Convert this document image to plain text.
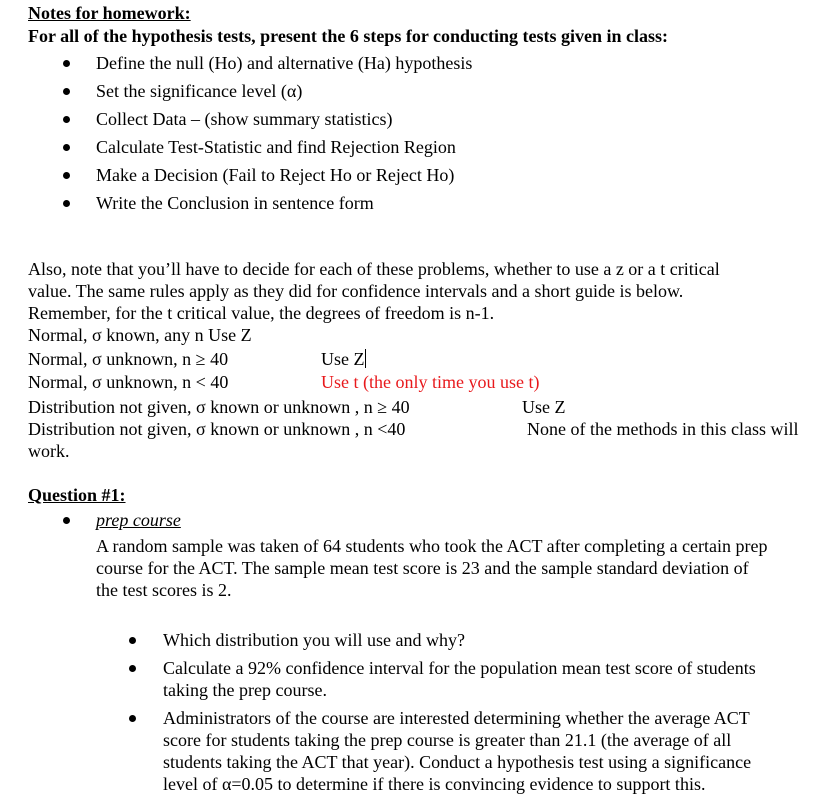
Notes for homework:
For all of the hypothesis tests, present the 6 steps for conducting tests given in class:
Define the null (Ho) and alternative (Ha) hypothesis
Set the significance level (α)
Collect Data – (show summary statistics)
Calculate Test-Statistic and find Rejection Region
Make a Decision (Fail to Reject Ho or Reject Ho)
Write the Conclusion in sentence form
Also, note that you’ll have to decide for each of these problems, whether to use a z or a t critical
value. The same rules apply as they did for confidence intervals and a short guide is below.
Remember, for the t critical value, the degrees of freedom is n-1.
Normal, σ known, any n Use Z
Normal, σ unknown, n ≥ 40	Use Z
Normal, σ unknown, n < 40	Use t (the only time you use t)
Distribution not given, σ known or unknown , n ≥ 40	Use Z
Distribution not given, σ known or unknown , n <40	None of the methods in this class will
work.
Question #1:
prep course
A random sample was taken of 64 students who took the ACT after completing a certain prep
course for the ACT. The sample mean test score is 23 and the sample standard deviation of
the test scores is 2.
Which distribution you will use and why?
Calculate a 92% confidence interval for the population mean test score of students
taking the prep course.
Administrators of the course are interested determining whether the average ACT
score for students taking the prep course is greater than 21.1 (the average of all
students taking the ACT that year). Conduct a hypothesis test using a significance
level of α=0.05 to determine if there is convincing evidence to support this.
